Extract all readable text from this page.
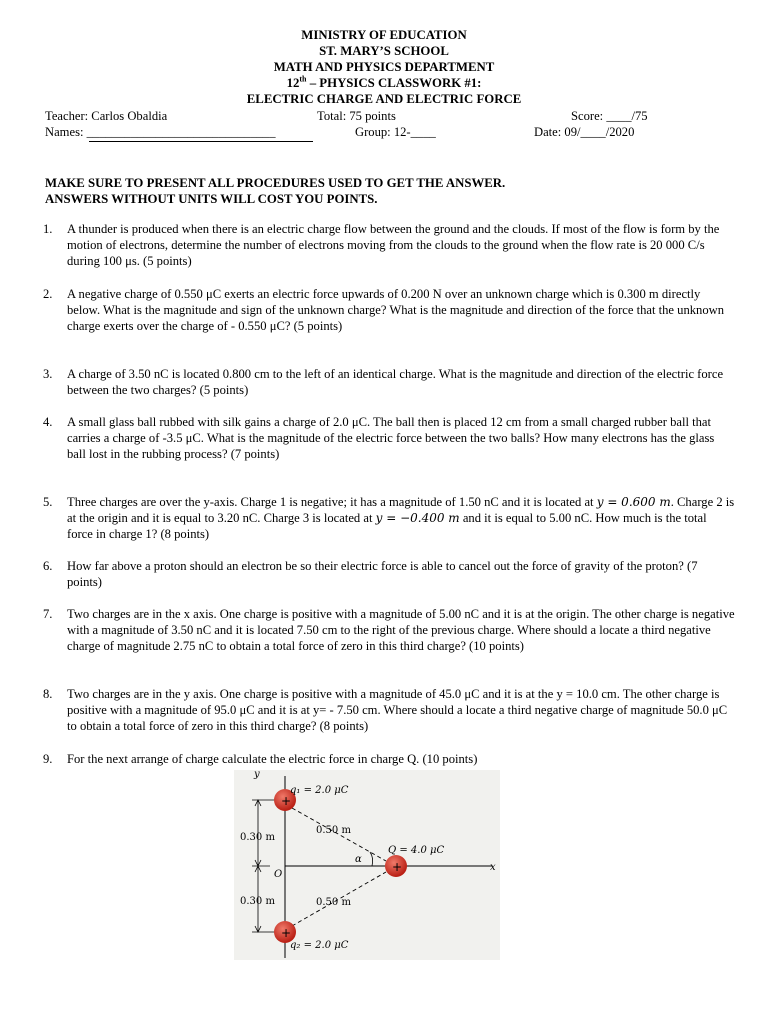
MINISTRY OF EDUCATION
ST. MARY’S SCHOOL
MATH AND PHYSICS DEPARTMENT
12th – PHYSICS CLASSWORK #1:
ELECTRIC CHARGE AND ELECTRIC FORCE
Teacher: Carlos Obaldia	Total: 75 points	Score: ____/75
Names: ______________________________	Group: 12-____	Date: 09/____/2020
MAKE SURE TO PRESENT ALL PROCEDURES USED TO GET THE ANSWER.
ANSWERS WITHOUT UNITS WILL COST YOU POINTS.
1. A thunder is produced when there is an electric charge flow between the ground and the clouds. If most of the flow is form by the motion of electrons, determine the number of electrons moving from the clouds to the ground when the flow rate is 20 000 C/s during 100 μs. (5 points)

2. A negative charge of 0.550 μC exerts an electric force upwards of 0.200 N over an unknown charge which is 0.300 m directly below. What is the magnitude and sign of the unknown charge? What is the magnitude and direction of the force that the unknown charge exerts over the charge of - 0.550 μC? (5 points)

3. A charge of 3.50 nC is located 0.800 cm to the left of an identical charge. What is the magnitude and direction of the electric force between the two charges? (5 points)

4. A small glass ball rubbed with silk gains a charge of 2.0 μC. The ball then is placed 12 cm from a small charged rubber ball that carries a charge of -3.5 μC. What is the magnitude of the electric force between the two balls? How many electrons has the glass ball lost in the rubbing process? (7 points)

5. Three charges are over the y-axis. Charge 1 is negative; it has a magnitude of 1.50 nC and it is located at y = 0.600 m. Charge 2 is at the origin and it is equal to 3.20 nC. Charge 3 is located at y = −0.400 m and it is equal to 5.00 nC. How much is the total force in charge 1? (8 points)

6. How far above a proton should an electron be so their electric force is able to cancel out the force of gravity of the proton? (7 points)

7. Two charges are in the x axis. One charge is positive with a magnitude of 5.00 nC and it is at the origin. The other charge is negative with a magnitude of 3.50 nC and it is located 7.50 cm to the right of the previous charge. Where should a locate a third negative charge of magnitude 2.75 nC to obtain a total force of zero in this third charge? (10 points)

8. Two charges are in the y axis. One charge is positive with a magnitude of 45.0 μC and it is at the y = 10.0 cm. The other charge is positive with a magnitude of 95.0 μC and it is at y= - 7.50 cm. Where should a locate a third negative charge of magnitude 50.0 μC to obtain a total force of zero in this third charge? (8 points)

9. For the next arrange of charge calculate the electric force in charge Q. (10 points)

+
+
+
y
x
O
q₁ = 2.0 μC
q₂ = 2.0 μC
Q = 4.0 μC
0.30 m
0.30 m
0.50 m
0.50 m
α
